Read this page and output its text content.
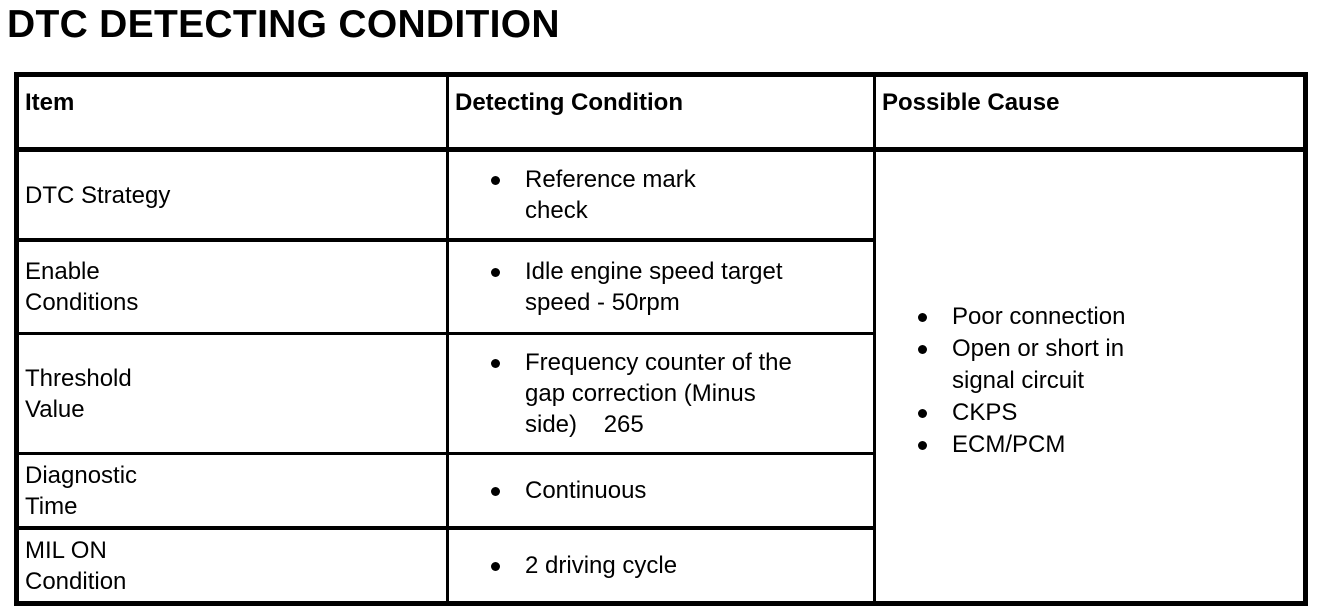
DTC DETECTING CONDITION
Item	Detecting Condition	Possible Cause
DTC Strategy
Reference mark check
Enable Conditions
Idle engine speed target speed - 50rpm
Threshold Value
Frequency counter of the gap correction (Minus side)    265
Diagnostic Time
Continuous
MIL ON Condition
2 driving cycle
Poor connection
Open or short in signal circuit
CKPS
ECM/PCM
